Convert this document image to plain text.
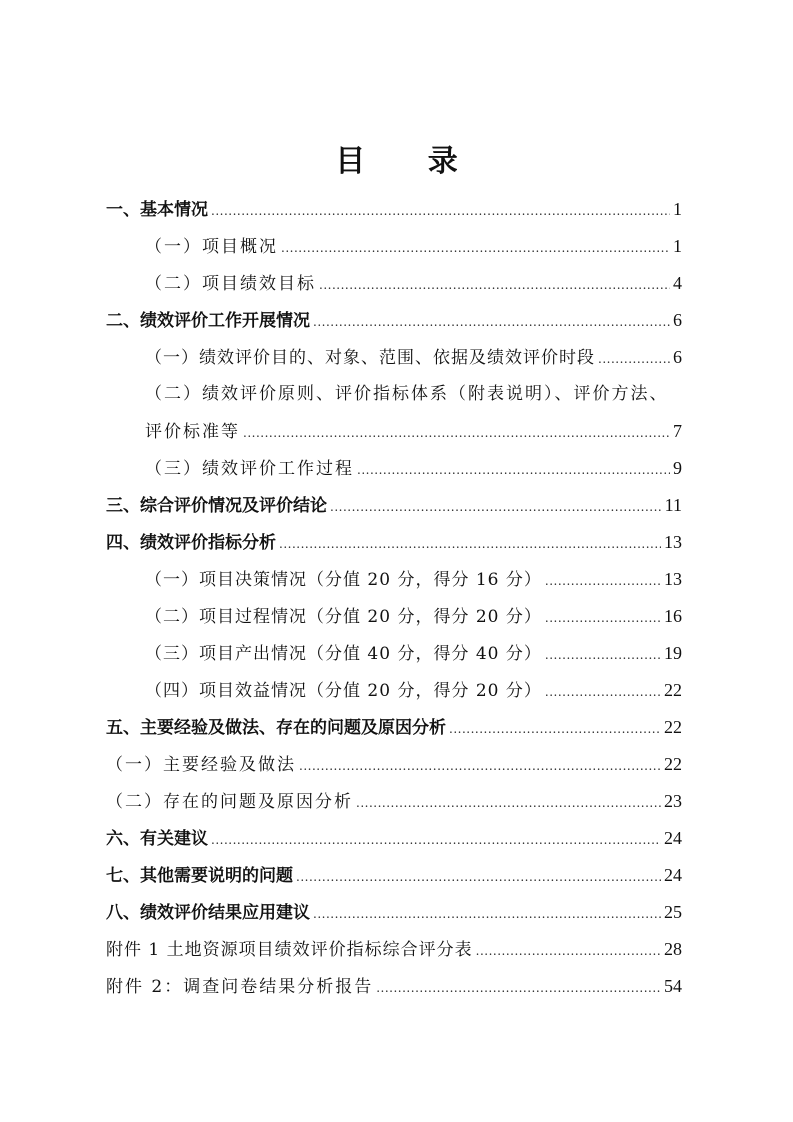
目 录
一、基本情况 .....	1
（一）项目概况 .....	1
（二）项目绩效目标 .....	4
二、绩效评价工作开展情况 .....	6
（一）绩效评价目的、对象、范围、依据及绩效评价时段 .....	6
（二）绩效评价原则、评价指标体系（附表说明）、评价方法、
评价标准等 .....	7
（三）绩效评价工作过程 .....	9
三、综合评价情况及评价结论 .....	11
四、绩效评价指标分析 .....	13
（一）项目决策情况（分值 20 分，得分 16 分） .....	13
（二）项目过程情况（分值 20 分，得分 20 分） .....	16
（三）项目产出情况（分值 40 分，得分 40 分） .....	19
（四）项目效益情况（分值 20 分，得分 20 分） .....	22
五、主要经验及做法、存在的问题及原因分析 .....	22
（一）主要经验及做法 .....	22
（二）存在的问题及原因分析 .....	23
六、有关建议 .....	24
七、其他需要说明的问题 .....	24
八、绩效评价结果应用建议 .....	25
附件 1 土地资源项目绩效评价指标综合评分表 .....	28
附件 2：调查问卷结果分析报告 .....	54
